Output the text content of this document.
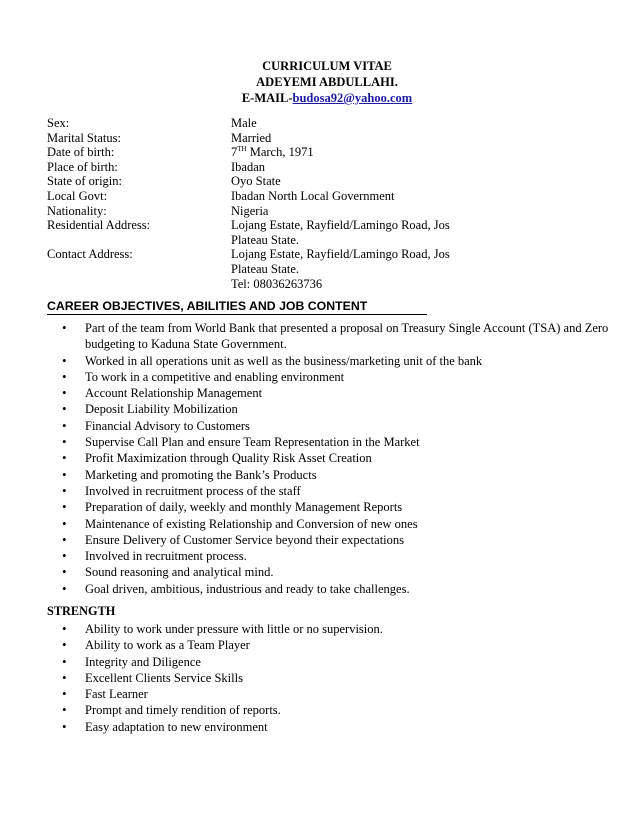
CURRICULUM VITAE
ADEYEMI ABDULLAHI.
E-MAIL-budosa92@yahoo.com
Sex:	Male
Marital Status:	Married
Date of birth:	7TH March, 1971
Place of birth:	Ibadan
State of origin:	Oyo State
Local Govt:	Ibadan North Local Government
Nationality:	Nigeria
Residential Address:	Lojang Estate, Rayfield/Lamingo Road, Jos
Plateau State.
Contact Address:	Lojang Estate, Rayfield/Lamingo Road, Jos
Plateau State.
Tel: 08036263736
CAREER OBJECTIVES, ABILITIES AND JOB CONTENT
• Part of the team from World Bank that presented a proposal on Treasury Single Account (TSA) and Zero budgeting to Kaduna State Government.
• Worked in all operations unit as well as the business/marketing unit of the bank
• To work in a competitive and enabling environment
• Account Relationship Management
• Deposit Liability Mobilization
• Financial Advisory to Customers
• Supervise Call Plan and ensure Team Representation in the Market
• Profit Maximization through Quality Risk Asset Creation
• Marketing and promoting the Bank’s Products
• Involved in recruitment process of the staff
• Preparation of daily, weekly and monthly Management Reports
• Maintenance of existing Relationship and Conversion of new ones
• Ensure Delivery of Customer Service beyond their expectations
• Involved in recruitment process.
• Sound reasoning and analytical mind.
• Goal driven, ambitious, industrious and ready to take challenges.
STRENGTH
• Ability to work under pressure with little or no supervision.
• Ability to work as a Team Player
• Integrity and Diligence
• Excellent Clients Service Skills
• Fast Learner
• Prompt and timely rendition of reports.
• Easy adaptation to new environment
